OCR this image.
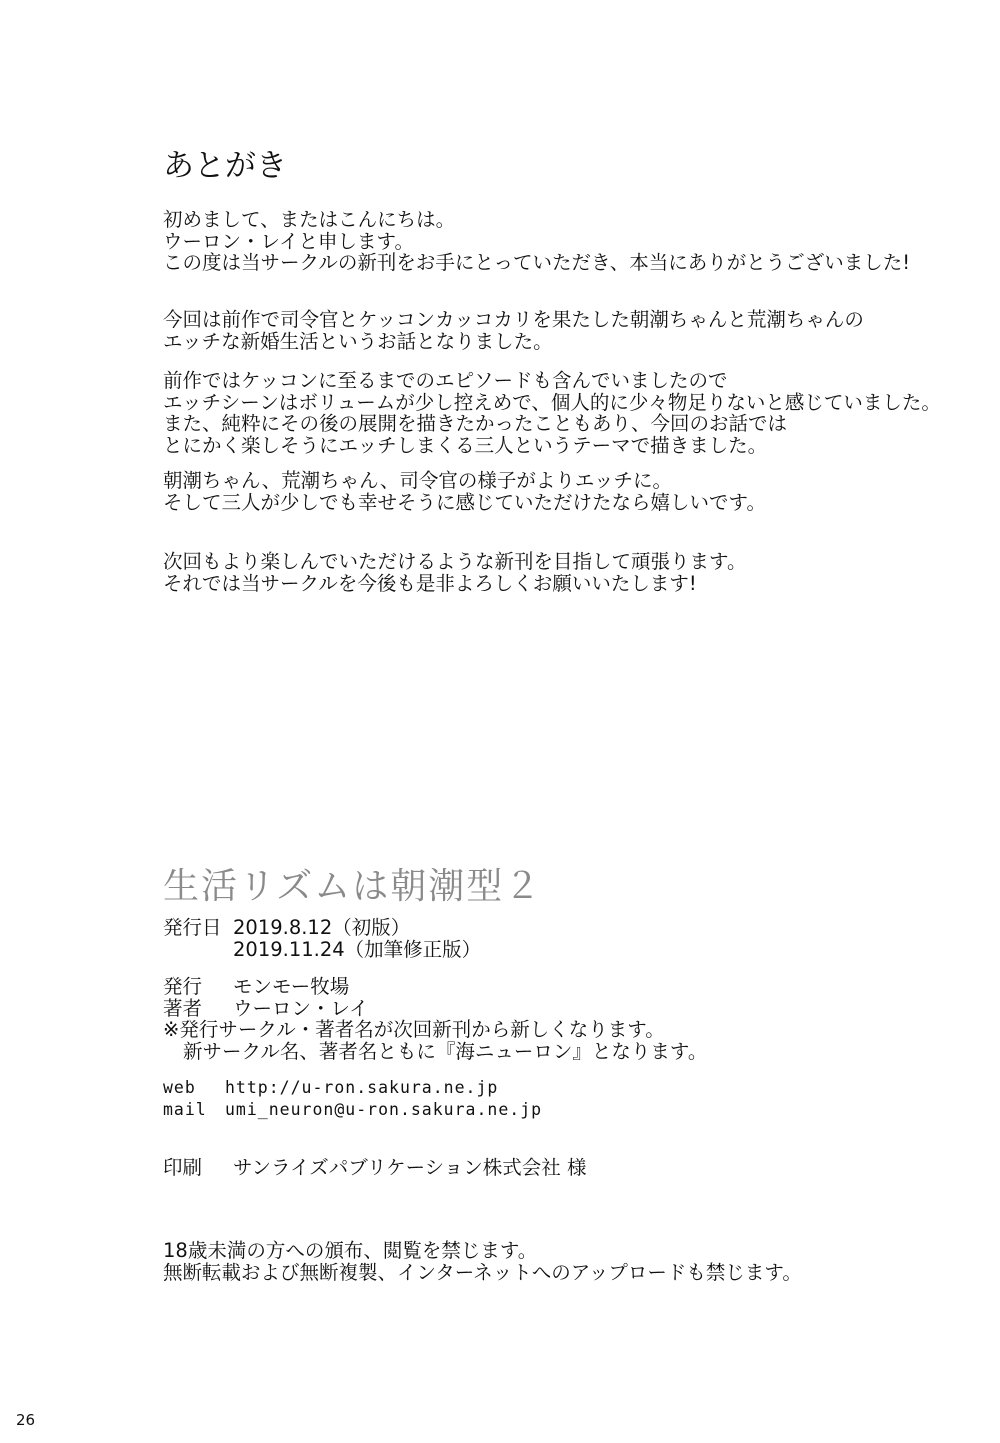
あとがき
初めまして、またはこんにちは。
ウーロン・レイと申します。
この度は当サークルの新刊をお手にとっていただき、本当にありがとうございました!
今回は前作で司令官とケッコンカッコカリを果たした朝潮ちゃんと荒潮ちゃんの
エッチな新婚生活というお話となりました。
前作ではケッコンに至るまでのエピソードも含んでいましたので
エッチシーンはボリュームが少し控えめで、個人的に少々物足りないと感じていました。
また、純粋にその後の展開を描きたかったこともあり、今回のお話では
とにかく楽しそうにエッチしまくる三人というテーマで描きました。
朝潮ちゃん、荒潮ちゃん、司令官の様子がよりエッチに。
そして三人が少しでも幸せそうに感じていただけたなら嬉しいです。
次回もより楽しんでいただけるような新刊を目指して頑張ります。
それでは当サークルを今後も是非よろしくお願いいたします!
生活リズムは朝潮型２
発行日 2019.8.12（初版）
2019.11.24（加筆修正版）
発行 モンモー牧場
著者 ウーロン・レイ
※発行サークル・著者名が次回新刊から新しくなります。
新サークル名、著者名ともに『海ニューロン』となります。
web http://u-ron.sakura.ne.jp
mail umi_neuron@u-ron.sakura.ne.jp
印刷 サンライズパブリケーション株式会社 様
18歳未満の方への頒布、閲覧を禁じます。
無断転載および無断複製、インターネットへのアップロードも禁じます。
26
